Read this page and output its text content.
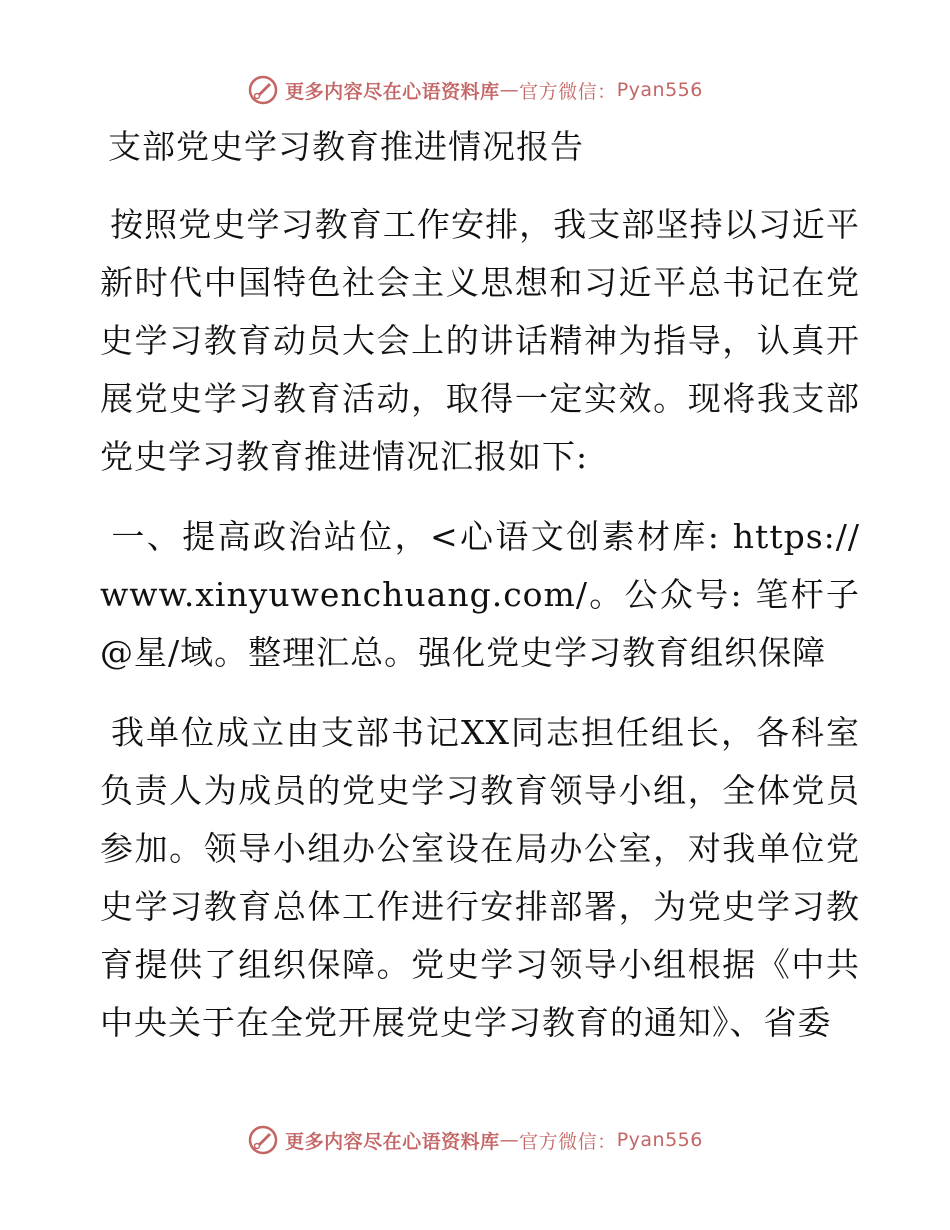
更多内容尽在心语资料库 — 官方微信： Pyan556
支部党史学习教育推进情况报告

按照党史学习教育工作安排，我支部坚持以习近平新时代中国特色社会主义思想和习近平总书记在党史学习教育动员大会上的讲话精神为指导，认真开展党史学习教育活动，取得一定实效。现将我支部党史学习教育推进情况汇报如下:

一、提高政治站位，<心语文创素材库: https://www.xinyuwenchuang.com/。公众号: 笔杆子@星/域。整理汇总。强化党史学习教育组织保障

我单位成立由支部书记XX同志担任组长，各科室负责人为成员的党史学习教育领导小组，全体党员参加。领导小组办公室设在局办公室，对我单位党史学习教育总体工作进行安排部署，为党史学习教育提供了组织保障。党史学习领导小组根据《中共中央关于在全党开展党史学习教育的通知》、省委

更多内容尽在心语资料库 — 官方微信： Pyan556
